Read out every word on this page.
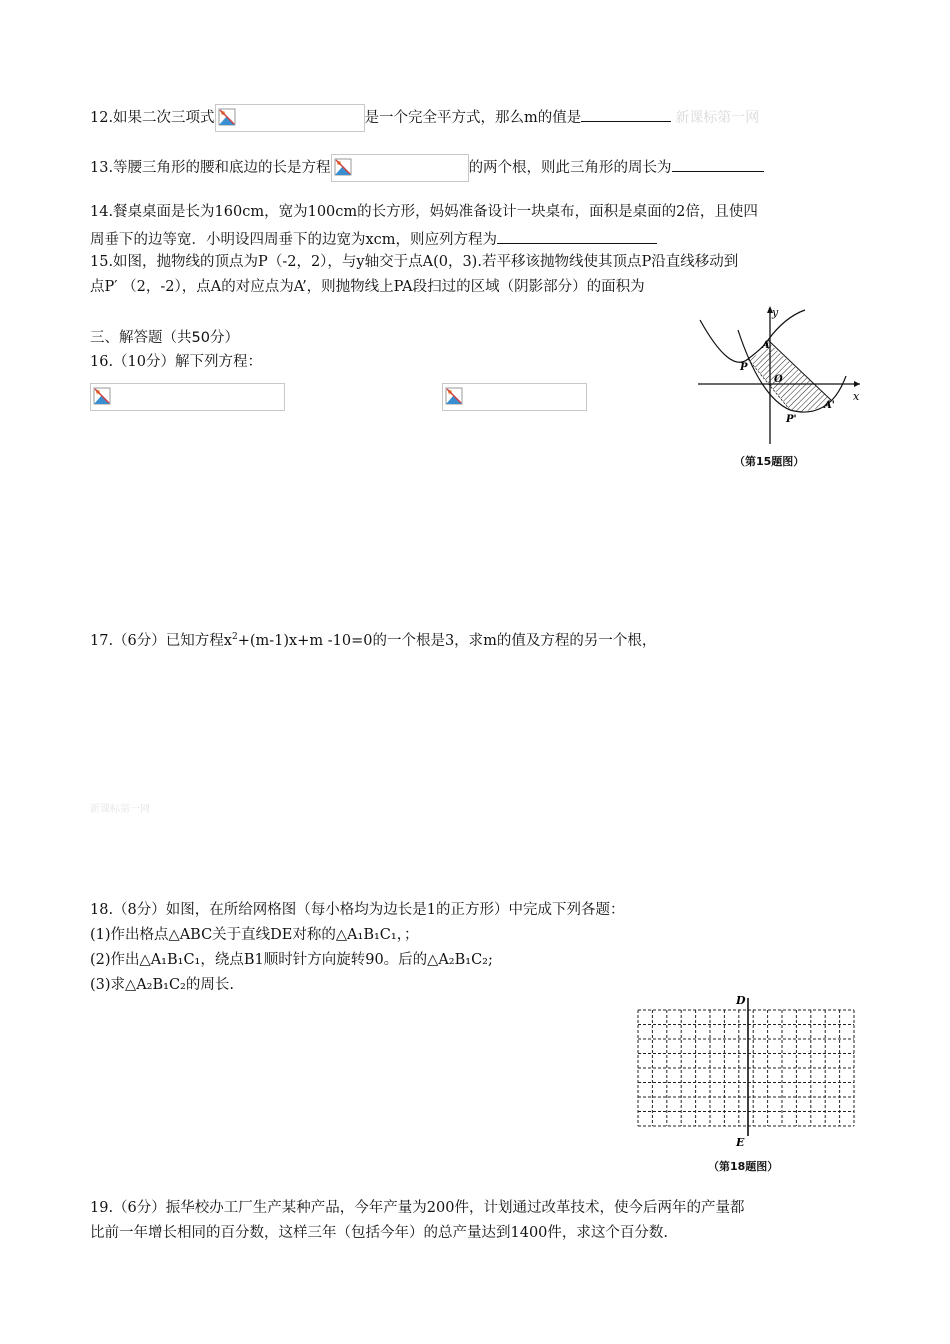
12.如果二次三项式	是一个完全平方式，那么m的值是	新课标第一网
13.等腰三角形的腰和底边的长是方程	的两个根，则此三角形的周长为
14.餐桌桌面是长为160cm，宽为100cm的长方形，妈妈准备设计一块桌布，面积是桌面的2倍，且使四
周垂下的边等宽．小明设四周垂下的边宽为xcm，则应列方程为
15.如图，抛物线的顶点为P（-2，2），与y轴交于点A(0，3).若平移该抛物线使其顶点P沿直线移动到
点P′ （2，-2），点A的对应点为A’，则抛物线上PA段扫过的区域（阴影部分）的面积为
三、解答题（共50分）
16.（10分）解下列方程：
y
x
A
P
O
P'
A'
（第15题图）
17.（6分）已知方程$x^2+(m-1)x+m$ -10=0的一个根是3，求m的值及方程的另一个根，
新课标第一网
18.（8分）如图，在所给网格图（每小格均为边长是1的正方形）中完成下列各题：
(1)作出格点△ABC关于直线DE对称的△A₁B₁C₁，；
(2)作出△A₁B₁C₁，绕点B1顺时针方向旋转90。后的△A₂B₁C₂;
(3)求△A₂B₁C₂的周长.
D
E
（第18题图）
19.（6分）振华校办工厂生产某种产品，今年产量为200件，计划通过改革技术，使今后两年的产量都
比前一年增长相同的百分数，这样三年（包括今年）的总产量达到1400件，求这个百分数.
